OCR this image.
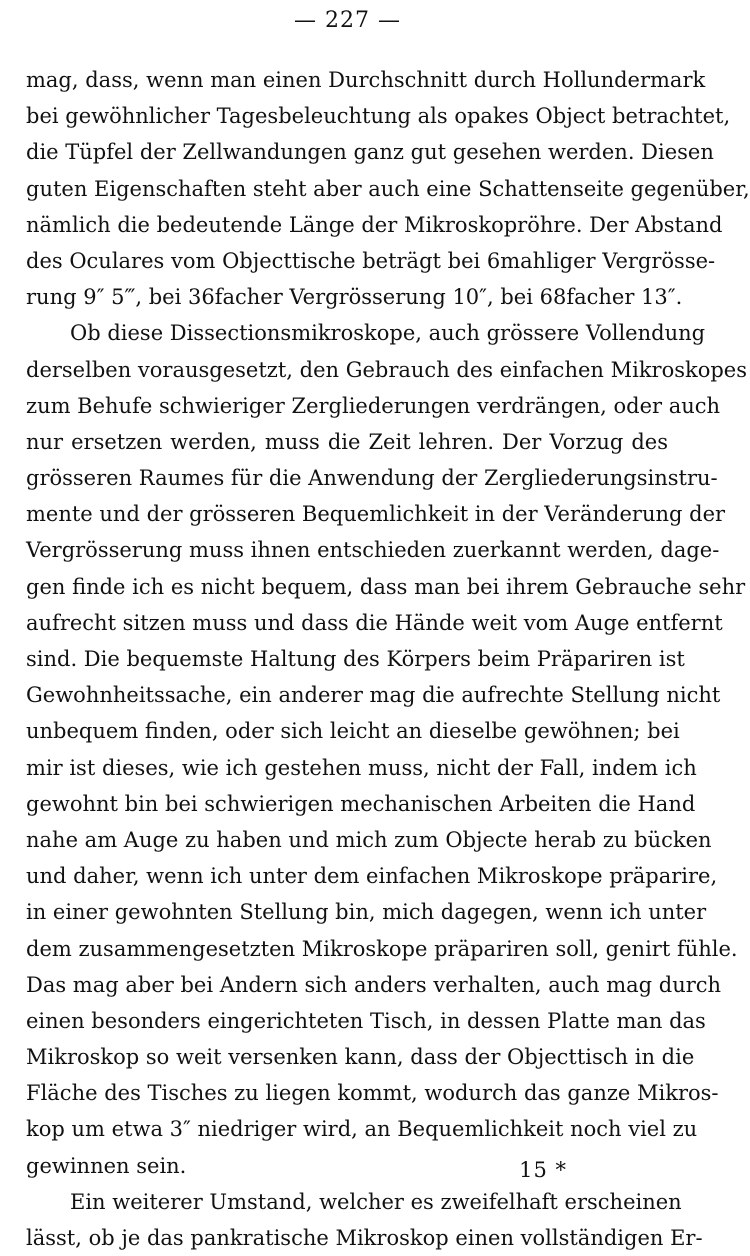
— 227 —
mag, dass, wenn man einen Durchschnitt durch Hollundermark
bei gewöhnlicher Tagesbeleuchtung als opakes Object betrachtet,
die Tüpfel der Zellwandungen ganz gut gesehen werden. Diesen
guten Eigenschaften steht aber auch eine Schattenseite gegenüber,
nämlich die bedeutende Länge der Mikroskopröhre. Der Abstand
des Oculares vom Objecttische beträgt bei 6mahliger Vergrösse-
rung 9″ 5‴, bei 36facher Vergrösserung 10″, bei 68facher 13″.
Ob diese Dissectionsmikroskope, auch grössere Vollendung
derselben vorausgesetzt, den Gebrauch des einfachen Mikroskopes
zum Behufe schwieriger Zergliederungen verdrängen, oder auch
nur ersetzen werden, muss die Zeit lehren. Der Vorzug des
grösseren Raumes für die Anwendung der Zergliederungsinstru-
mente und der grösseren Bequemlichkeit in der Veränderung der
Vergrösserung muss ihnen entschieden zuerkannt werden, dage-
gen finde ich es nicht bequem, dass man bei ihrem Gebrauche sehr
aufrecht sitzen muss und dass die Hände weit vom Auge entfernt
sind. Die bequemste Haltung des Körpers beim Präpariren ist
Gewohnheitssache, ein anderer mag die aufrechte Stellung nicht
unbequem finden, oder sich leicht an dieselbe gewöhnen; bei
mir ist dieses, wie ich gestehen muss, nicht der Fall, indem ich
gewohnt bin bei schwierigen mechanischen Arbeiten die Hand
nahe am Auge zu haben und mich zum Objecte herab zu bücken
und daher, wenn ich unter dem einfachen Mikroskope präparire,
in einer gewohnten Stellung bin, mich dagegen, wenn ich unter
dem zusammengesetzten Mikroskope präpariren soll, genirt fühle.
Das mag aber bei Andern sich anders verhalten, auch mag durch
einen besonders eingerichteten Tisch, in dessen Platte man das
Mikroskop so weit versenken kann, dass der Objecttisch in die
Fläche des Tisches zu liegen kommt, wodurch das ganze Mikros-
kop um etwa 3″ niedriger wird, an Bequemlichkeit noch viel zu
gewinnen sein.
Ein weiterer Umstand, welcher es zweifelhaft erscheinen
lässt, ob je das pankratische Mikroskop einen vollständigen Er-
15 *
